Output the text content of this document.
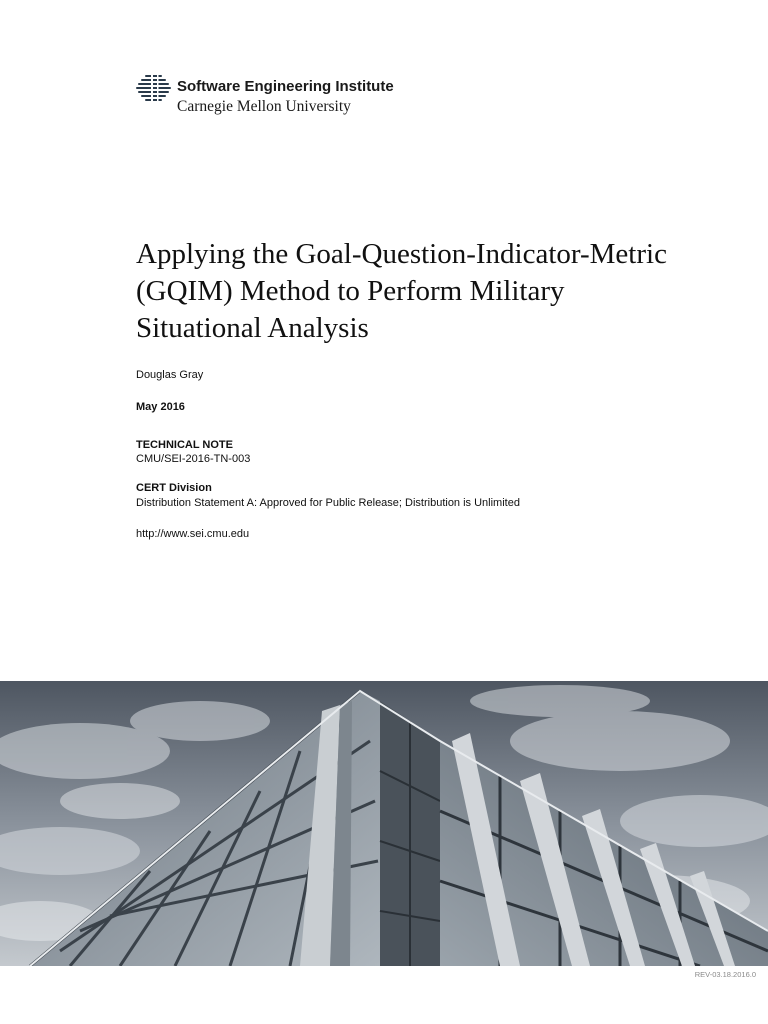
Software Engineering Institute
Carnegie Mellon University
Applying the Goal-Question-Indicator-Metric (GQIM) Method to Perform Military Situational Analysis
Douglas Gray
May 2016
TECHNICAL NOTE
CMU/SEI-2016-TN-003
CERT Division
Distribution Statement A: Approved for Public Release; Distribution is Unlimited
http://www.sei.cmu.edu
REV-03.18.2016.0
